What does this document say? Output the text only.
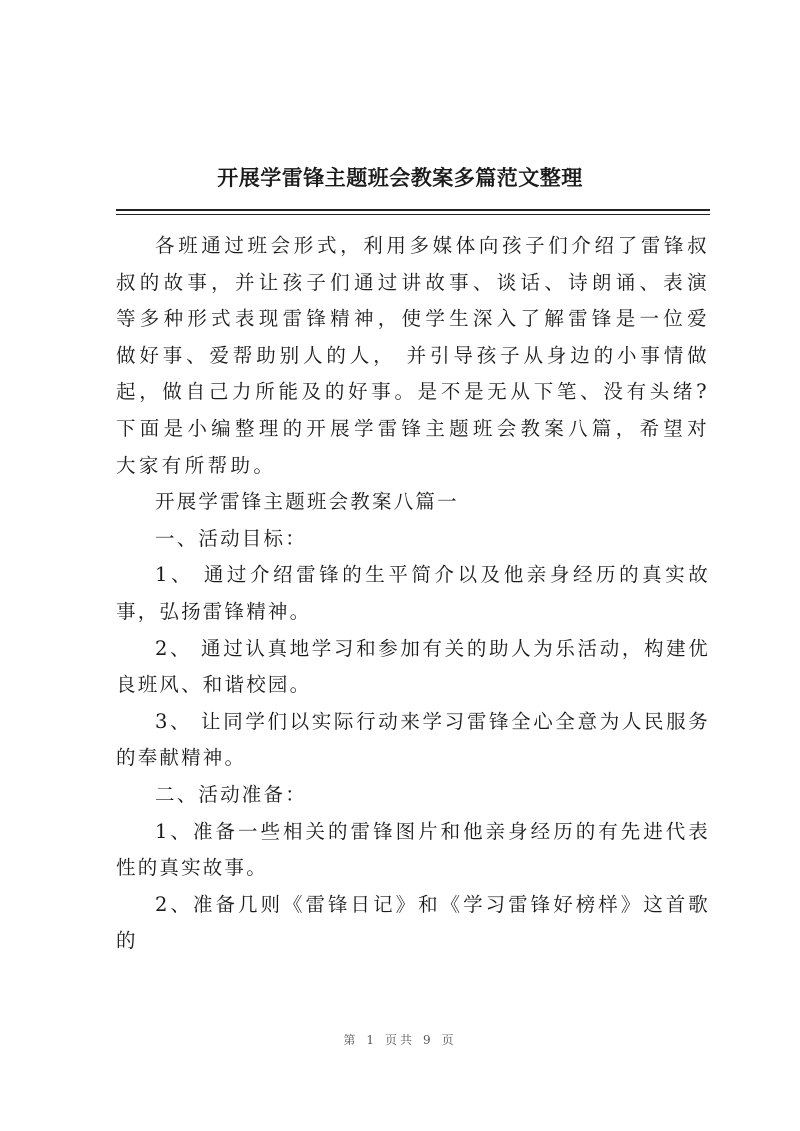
开展学雷锋主题班会教案多篇范文整理

各班通过班会形式，利用多媒体向孩子们介绍了雷锋叔叔的故事，并让孩子们通过讲故事、谈话、诗朗诵、表演等多种形式表现雷锋精神，使学生深入了解雷锋是一位爱做好事、爱帮助别人的人， 并引导孩子从身边的小事情做起，做自己力所能及的好事。是不是无从下笔、没有头绪?下面是小编整理的开展学雷锋主题班会教案八篇，希望对大家有所帮助。

开展学雷锋主题班会教案八篇一

一、活动目标：

1、 通过介绍雷锋的生平简介以及他亲身经历的真实故事，弘扬雷锋精神。

2、 通过认真地学习和参加有关的助人为乐活动，构建优良班风、和谐校园。

3、 让同学们以实际行动来学习雷锋全心全意为人民服务的奉献精神。

二、活动准备：

1、准备一些相关的雷锋图片和他亲身经历的有先进代表性的真实故事。

2、准备几则《雷锋日记》和《学习雷锋好榜样》这首歌的

第 1 页共 9 页
